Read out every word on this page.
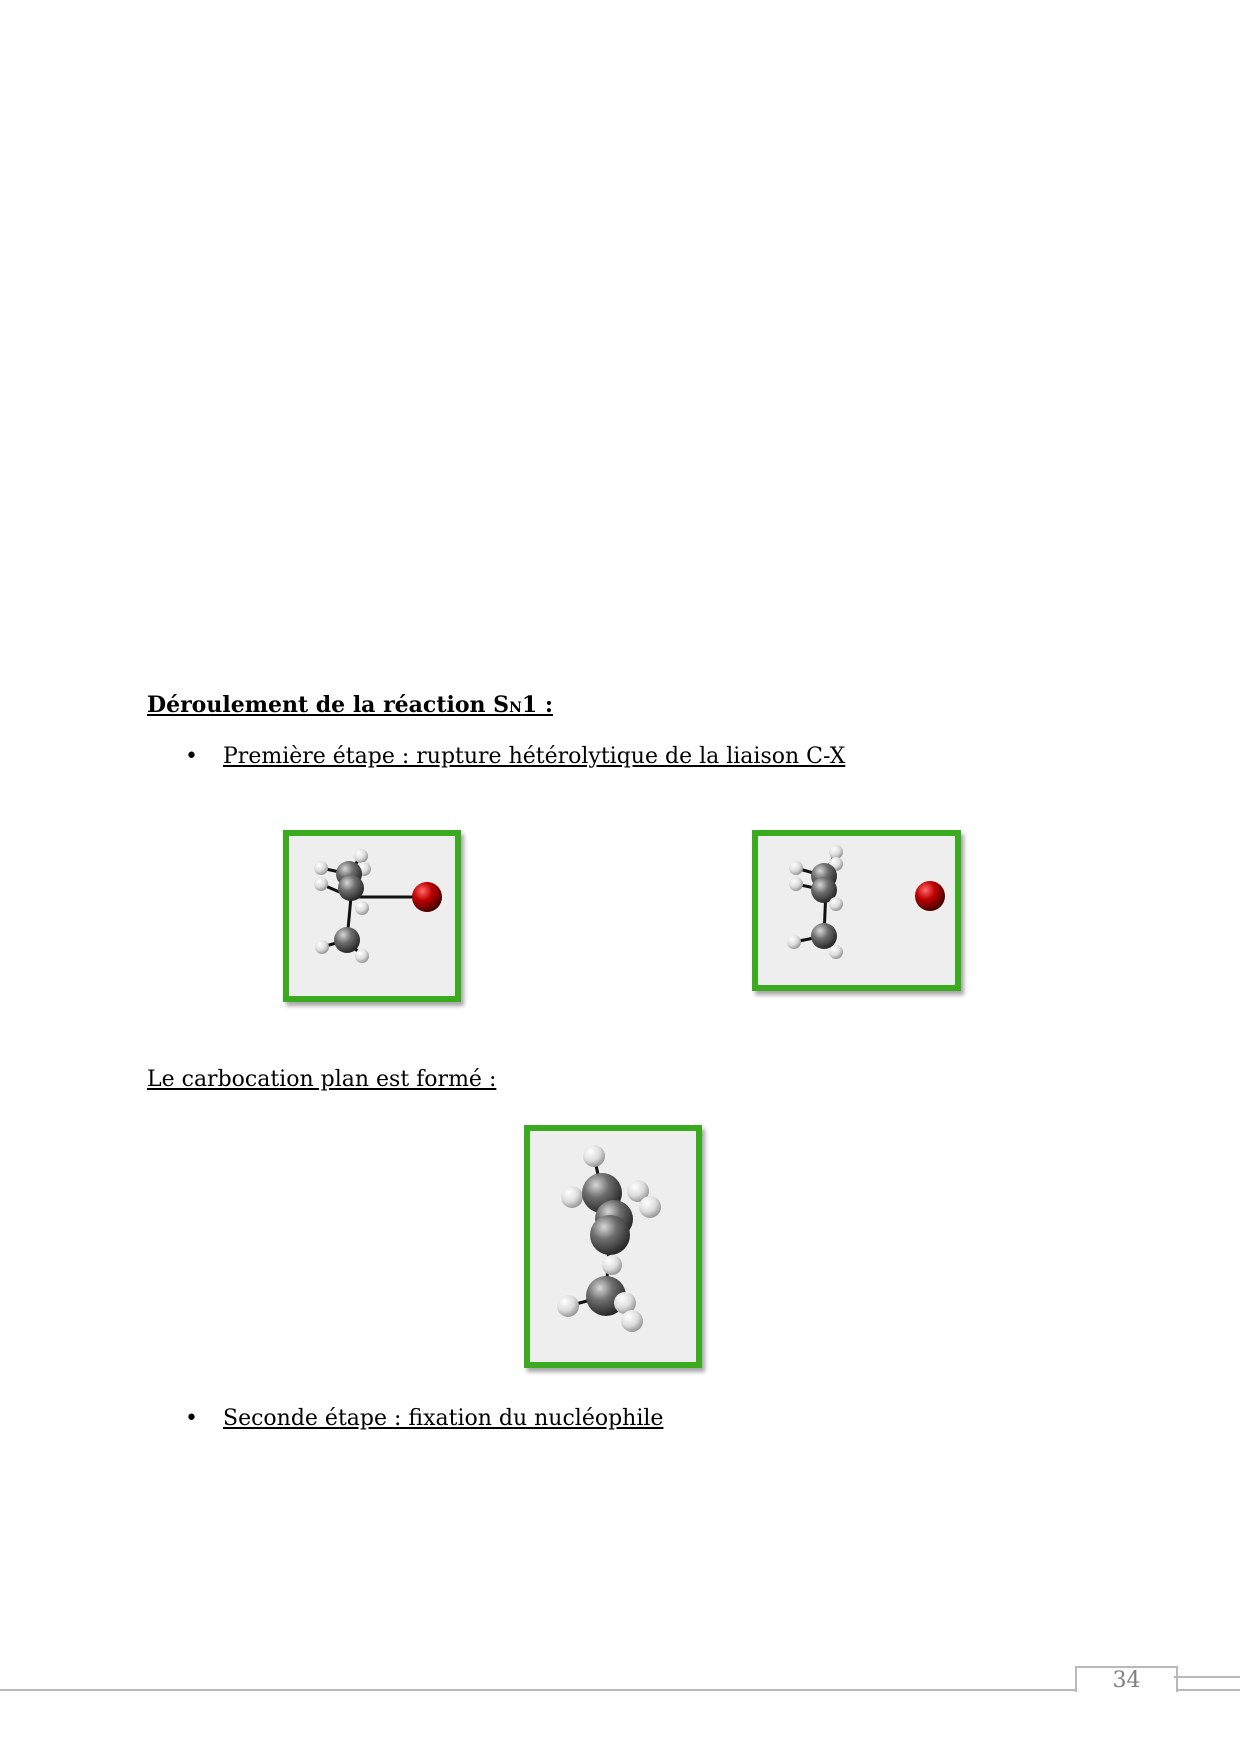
Déroulement de la réaction SN1 :
• Première étape : rupture hétérolytique de la liaison C-X
Le carbocation plan est formé :
• Seconde étape : fixation du nucléophile
34
